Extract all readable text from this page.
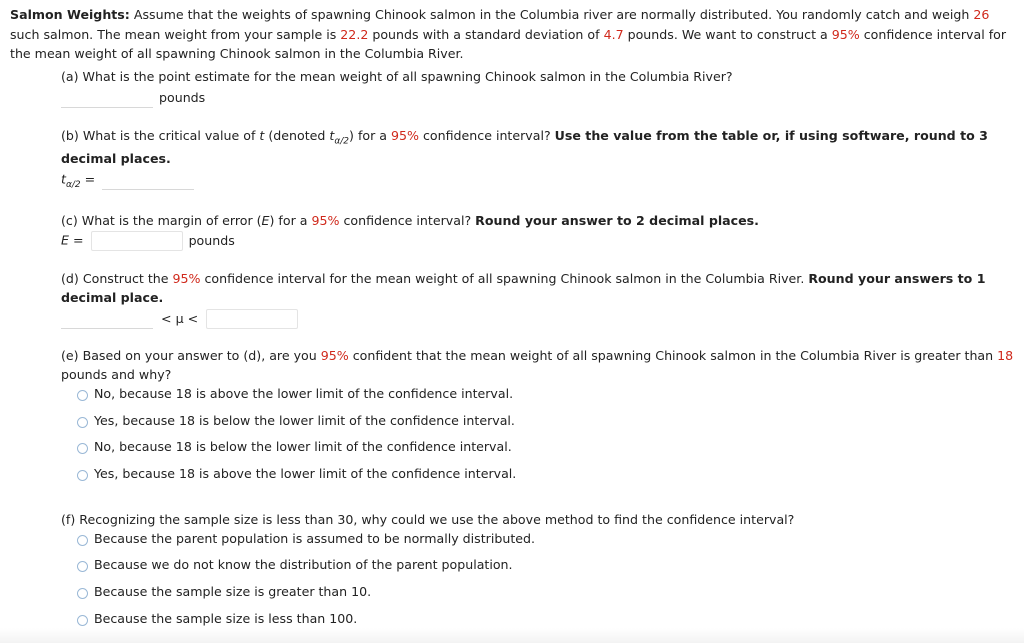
Salmon Weights: Assume that the weights of spawning Chinook salmon in the Columbia river are normally distributed. You randomly catch and weigh 26 such salmon. The mean weight from your sample is 22.2 pounds with a standard deviation of 4.7 pounds. We want to construct a 95% confidence interval for the mean weight of all spawning Chinook salmon in the Columbia River.
(a) What is the point estimate for the mean weight of all spawning Chinook salmon in the Columbia River?
pounds
(b) What is the critical value of t (denoted $t_{\alpha/2}$) for a 95% confidence interval? Use the value from the table or, if using software, round to 3
decimal places.
$t_{\alpha/2}$ =
(c) What is the margin of error (E) for a 95% confidence interval? Round your answer to 2 decimal places.
E =	pounds
(d) Construct the 95% confidence interval for the mean weight of all spawning Chinook salmon in the Columbia River. Round your answers to 1
decimal place.
< μ <
(e) Based on your answer to (d), are you 95% confident that the mean weight of all spawning Chinook salmon in the Columbia River is greater than 18
pounds and why?
No, because 18 is above the lower limit of the confidence interval.
Yes, because 18 is below the lower limit of the confidence interval.
No, because 18 is below the lower limit of the confidence interval.
Yes, because 18 is above the lower limit of the confidence interval.
(f) Recognizing the sample size is less than 30, why could we use the above method to find the confidence interval?
Because the parent population is assumed to be normally distributed.
Because we do not know the distribution of the parent population.
Because the sample size is greater than 10.
Because the sample size is less than 100.
